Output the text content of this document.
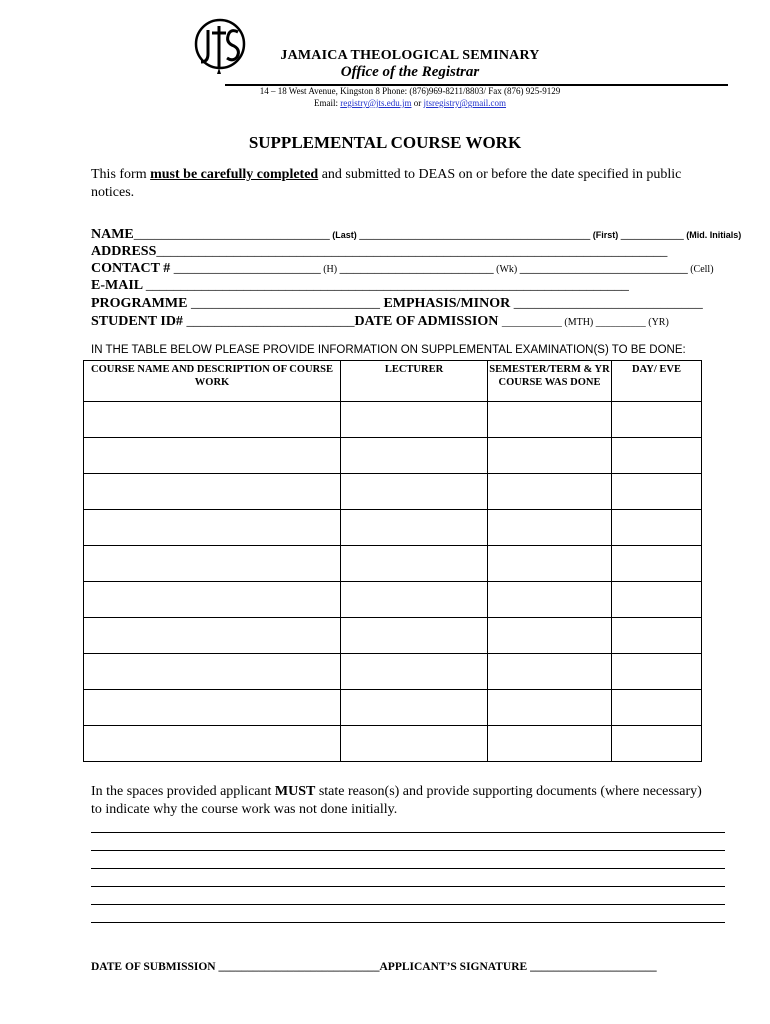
JAMAICA THEOLOGICAL SEMINARY
Office of the Registrar
14 – 18 West Avenue, Kingston 8 Phone: (876)969-8211/8803/ Fax (876) 925-9129
Email: registry@jts.edu.jm or jtsregistry@gmail.com
SUPPLEMENTAL COURSE WORK
This form must be carefully completed and submitted to DEAS on or before the date specified in public notices.
NAME____________________________ (Last) _________________________________ (First) _________ (Mid. Initials)
ADDRESS_________________________________________________________________________
CONTACT # _____________________ (H) ______________________ (Wk) ________________________ (Cell)
E-MAIL _____________________________________________________________________
PROGRAMME ___________________________ EMPHASIS/MINOR ___________________________
STUDENT ID# ________________________DATE OF ADMISSION ____________ (MTH) __________ (YR)
IN THE TABLE BELOW PLEASE PROVIDE INFORMATION ON SUPPLEMENTAL EXAMINATION(S) TO BE DONE:
COURSE NAME AND DESCRIPTION OF COURSE WORK	LECTURER	SEMESTER/TERM & YR COURSE WAS DONE	DAY/ EVE

In the spaces provided applicant MUST state reason(s) and provide supporting documents (where necessary) to indicate why the course work was not done initially.
DATE OF SUBMISSION ____________________________APPLICANT’S SIGNATURE ______________________
